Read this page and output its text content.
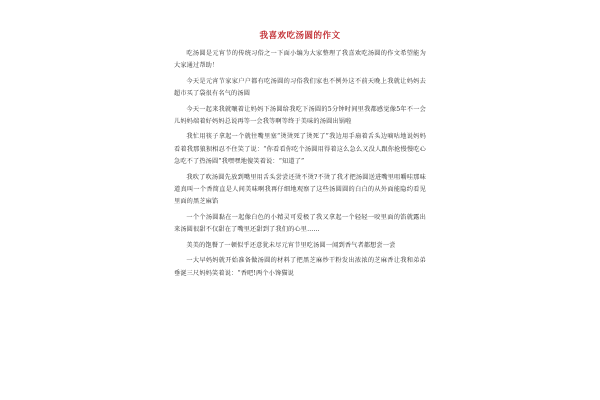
我喜欢吃汤圆的作文

吃汤圆是元宵节的传统习俗之一下面小编为大家整理了我喜欢吃汤圆的作文希望能为大家通过帮助！

今天是元宵节家家户户都有吃汤圆的习俗我们家也不例外这不前天晚上我就让妈妈去超市买了袋很有名气的汤圆

今天一起来我就嚷着让妈妈下汤圆给我吃下汤圆的5分钟时间里我都感觉像5年不一会儿妈妈端着好妈妈总说再等一会我等啊等终于美味的汤圆出锅啦

我忙用筷子拿起一个就往嘴里塞“烫烫死了烫死了”我边用手扇着舌头边嘀咕地说妈妈看着我那狼狈相忍不住笑了说：“你看看你吃个汤圆用得着这么急么又没人跟你抢慢慢吃心急吃不了热汤圆”我嘿嘿地傻笑着说：“知道了”

我吹了吹汤圆先放到嘴里用舌头尝尝还烫不烫?不烫了我才把汤圆送进嘴里咀嚼哇那味道真叫一个香简直是人间美味啊我再仔细地观察了这些汤圆圆的白白的从外面能隐约看见里面的黑芝麻馅

一个个汤圆黏在一起像白色的小精灵可爱极了我又拿起一个轻轻一咬里面的馅就露出来汤圆很甜不仅甜在了嘴里还甜到了我们的心里……

美美的饱餐了一顿似乎还意犹未尽元宵节里吃汤圆一闻到香气者都想尝一尝

一大早妈妈就开始准备做汤圆的材料了把黑芝麻炒干粉发出浓浓的芝麻香让我和弟弟垂涎三尺妈妈笑着说：“香吧!两个小馋猫说
